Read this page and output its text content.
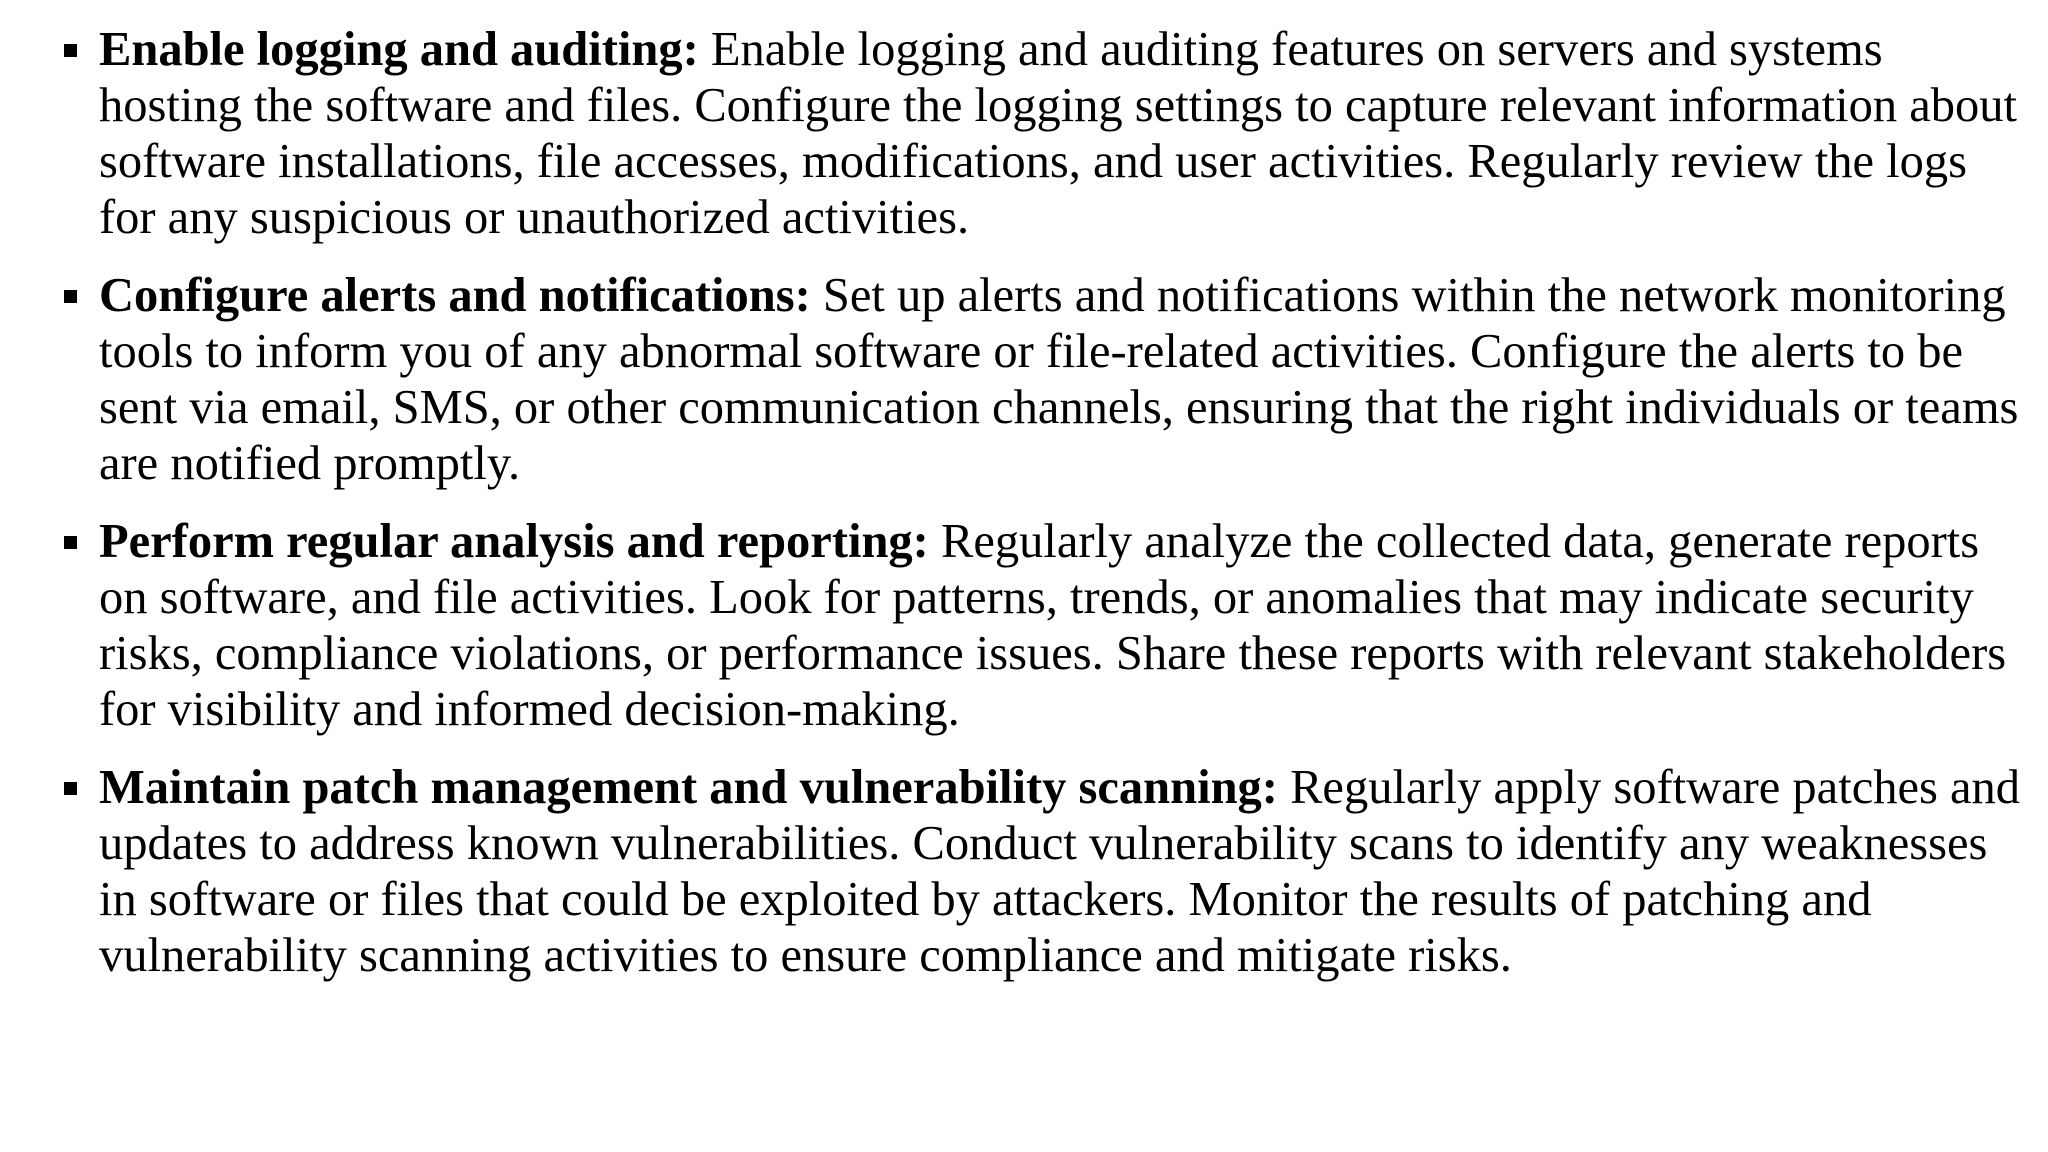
Enable logging and auditing: Enable logging and auditing features on servers and systems hosting the software and files. Configure the logging settings to capture relevant information about software installations, file accesses, modifications, and user activities. Regularly review the logs for any suspicious or unauthorized activities.
Configure alerts and notifications: Set up alerts and notifications within the network monitoring tools to inform you of any abnormal software or file-related activities. Configure the alerts to be sent via email, SMS, or other communication channels, ensuring that the right individuals or teams are notified promptly.
Perform regular analysis and reporting: Regularly analyze the collected data, generate reports on software, and file activities. Look for patterns, trends, or anomalies that may indicate security risks, compliance violations, or performance issues. Share these reports with relevant stakeholders for visibility and informed decision-making.
Maintain patch management and vulnerability scanning: Regularly apply software patches and updates to address known vulnerabilities. Conduct vulnerability scans to identify any weaknesses in software or files that could be exploited by attackers. Monitor the results of patching and vulnerability scanning activities to ensure compliance and mitigate risks.
